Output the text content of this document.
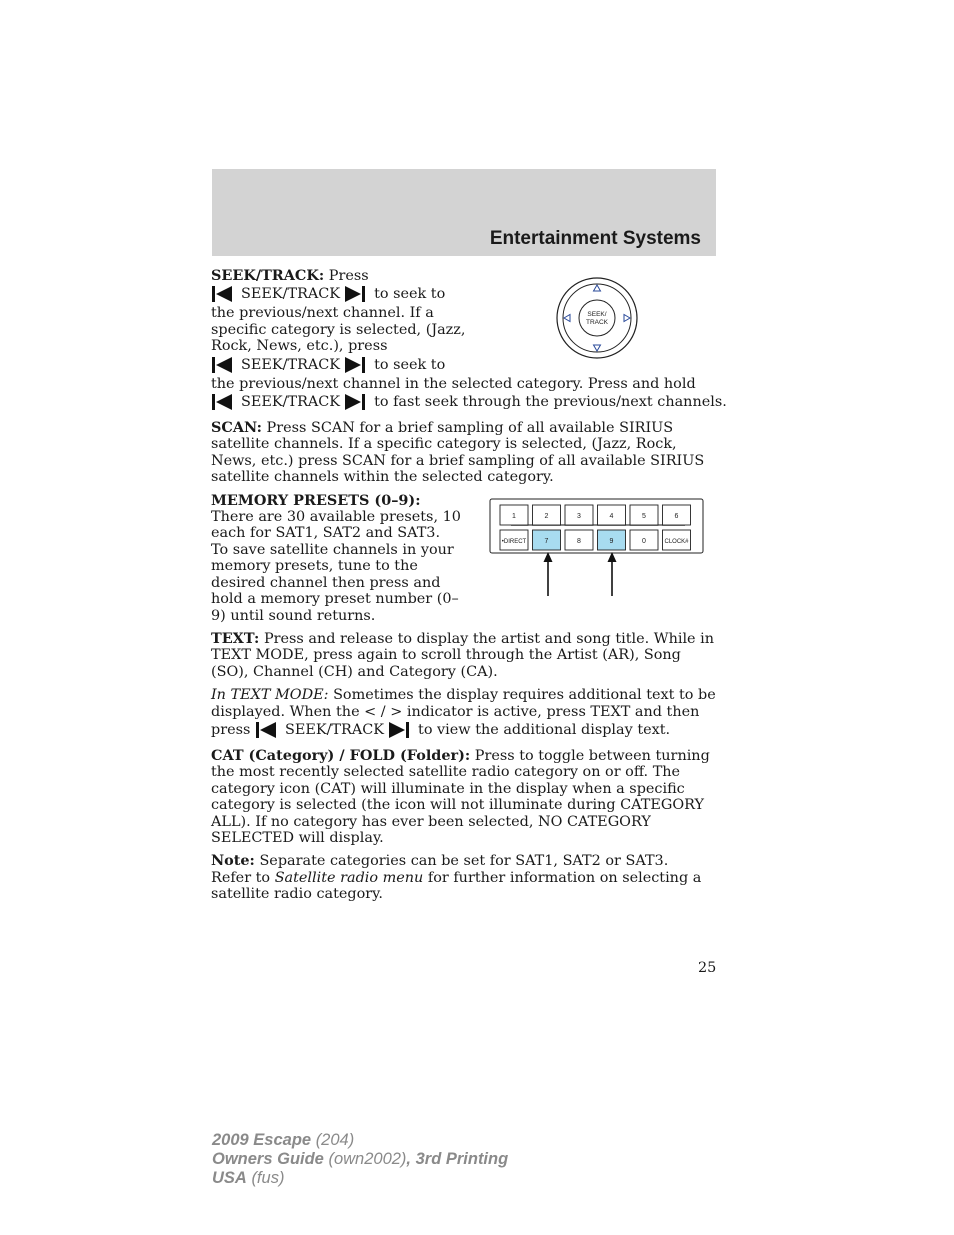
Entertainment Systems
SEEK/
TRACK
1	2	3	4	5	6
•DIRECT	7	8	9	0	CLOCK#

SEEK/TRACK: Press
SEEK/TRACK to seek to
the previous/next channel. If a
specific category is selected, (Jazz,
Rock, News, etc.), press
SEEK/TRACK to seek to
the previous/next channel in the selected category. Press and hold
SEEK/TRACK to fast seek through the previous/next channels.

SCAN: Press SCAN for a brief sampling of all available SIRIUS satellite channels. If a specific category is selected, (Jazz, Rock, News, etc.) press SCAN for a brief sampling of all available SIRIUS satellite channels within the selected category.

MEMORY PRESETS (0–9): There are 30 available presets, 10 each for SAT1, SAT2 and SAT3. To save satellite channels in your memory presets, tune to the desired channel then press and hold a memory preset number (0–9) until sound returns.

TEXT: Press and release to display the artist and song title. While in TEXT MODE, press again to scroll through the Artist (AR), Song (SO), Channel (CH) and Category (CA).

In TEXT MODE: Sometimes the display requires additional text to be displayed. When the < / > indicator is active, press TEXT and then
press SEEK/TRACK to view the additional display text.

CAT (Category) / FOLD (Folder): Press to toggle between turning the most recently selected satellite radio category on or off. The category icon (CAT) will illuminate in the display when a specific category is selected (the icon will not illuminate during CATEGORY ALL). If no category has ever been selected, NO CATEGORY SELECTED will display.

Note: Separate categories can be set for SAT1, SAT2 or SAT3.
Refer to Satellite radio menu for further information on selecting a satellite radio category.

25
2009 Escape (204)
Owners Guide (own2002), 3rd Printing
USA (fus)
